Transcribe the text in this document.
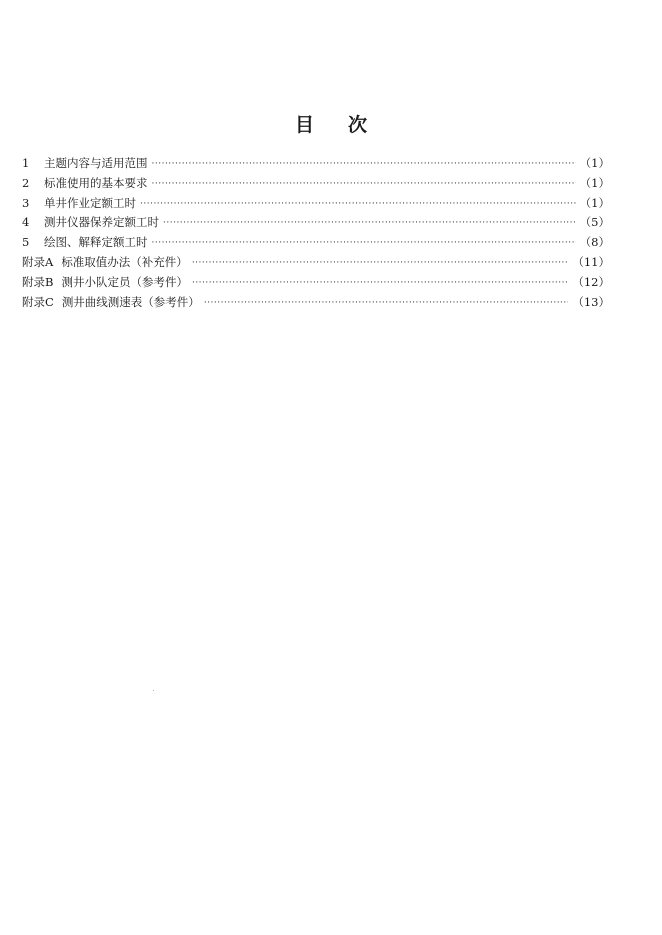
目 次
1	主题内容与适用范围 ·····	（1）
2	标准使用的基本要求 ·····	（1）
3	单井作业定额工时 ·····	（1）
4	测井仪器保养定额工时 ·····	（5）
5	绘图、解释定额工时 ·····	（8）
附录A 标准取值办法（补充件） ·····	（11）
附录B 测井小队定员（参考件） ·····	（12）
附录C 测井曲线测速表（参考件） ·····	（13）
